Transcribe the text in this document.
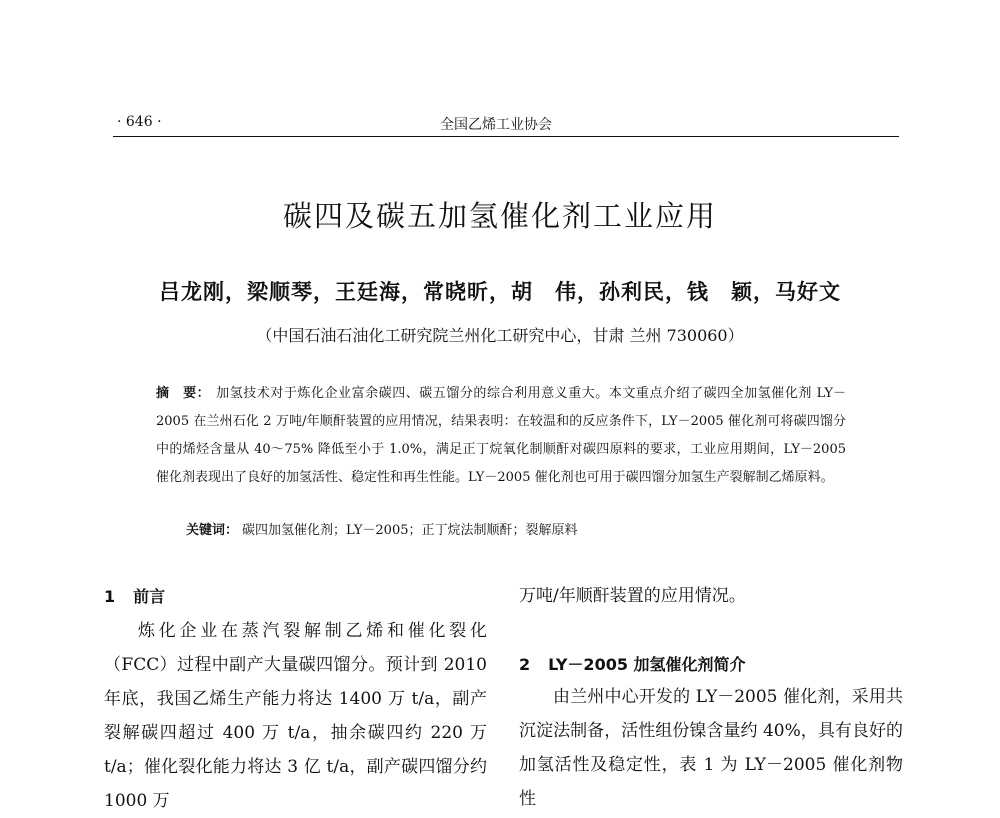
· 646 ·	全国乙烯工业协会
碳四及碳五加氢催化剂工业应用
吕龙刚，梁顺琴，王廷海，常晓昕，胡　伟，孙利民，钱　颖，马好文
（中国石油石油化工研究院兰州化工研究中心，甘肃 兰州 730060）
摘　要： 加氢技术对于炼化企业富余碳四、碳五馏分的综合利用意义重大。本文重点介绍了碳四全加氢催化剂 LY－2005 在兰州石化 2 万吨/年顺酐装置的应用情况，结果表明：在较温和的反应条件下，LY－2005 催化剂可将碳四馏分中的烯烃含量从 40～75% 降低至小于 1.0%，满足正丁烷氧化制顺酐对碳四原料的要求，工业应用期间，LY－2005 催化剂表现出了良好的加氢活性、稳定性和再生性能。LY－2005 催化剂也可用于碳四馏分加氢生产裂解制乙烯原料。
关键词： 碳四加氢催化剂；LY－2005；正丁烷法制顺酐；裂解原料
1 前言
炼化企业在蒸汽裂解制乙烯和催化裂化（FCC）过程中副产大量碳四馏分。预计到 2010 年底，我国乙烯生产能力将达 1400 万 t/a，副产裂解碳四超过 400 万 t/a，抽余碳四约 220 万 t/a；催化裂化能力将达 3 亿 t/a，副产碳四馏分约 1000 万
万吨/年顺酐装置的应用情况。
2 LY－2005 加氢催化剂简介
由兰州中心开发的 LY－2005 催化剂，采用共沉淀法制备，活性组份镍含量约 40%，具有良好的加氢活性及稳定性，表 1 为 LY－2005 催化剂物性
